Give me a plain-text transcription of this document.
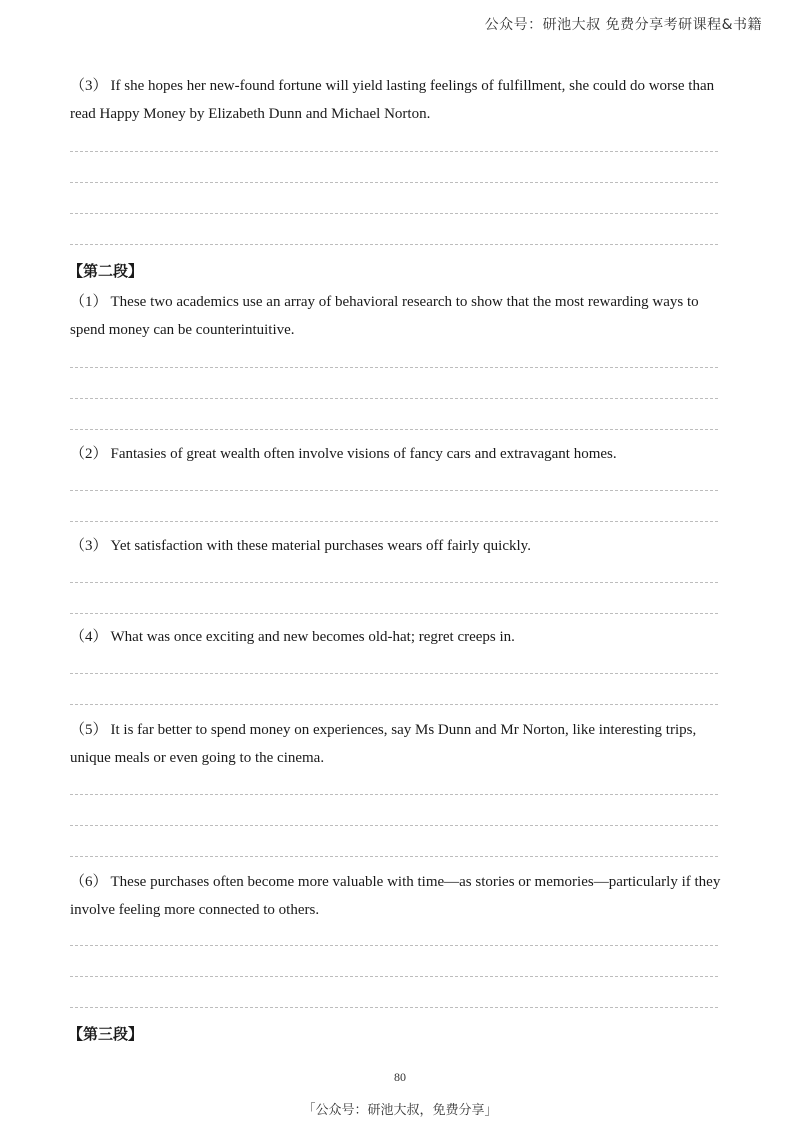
公众号：研池大叔 免费分享考研课程&书籍
（3） If she hopes her new-found fortune will yield lasting feelings of fulfillment, she could do worse than read Happy Money by Elizabeth Dunn and Michael Norton.
【第二段】
（1） These two academics use an array of behavioral research to show that the most rewarding ways to spend money can be counterintuitive.
（2） Fantasies of great wealth often involve visions of fancy cars and extravagant homes.
（3） Yet satisfaction with these material purchases wears off fairly quickly.
（4） What was once exciting and new becomes old-hat; regret creeps in.
（5） It is far better to spend money on experiences, say Ms Dunn and Mr Norton, like interesting trips, unique meals or even going to the cinema.
（6） These purchases often become more valuable with time—as stories or memories—particularly if they involve feeling more connected to others.
【第三段】
80
「公众号：研池大叔，免费分享」
